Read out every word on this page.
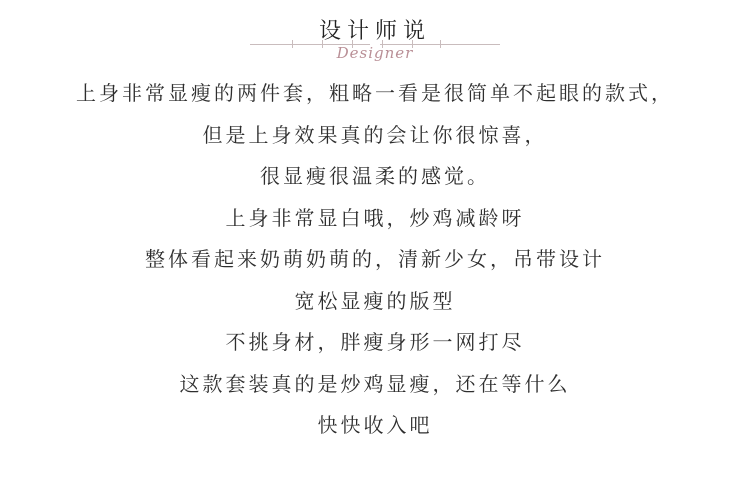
设计师说
Designer
上身非常显瘦的两件套，粗略一看是很简单不起眼的款式，
但是上身效果真的会让你很惊喜，
很显瘦很温柔的感觉。
上身非常显白哦，炒鸡减龄呀
整体看起来奶萌奶萌的，清新少女，吊带设计
宽松显瘦的版型
不挑身材，胖瘦身形一网打尽
这款套装真的是炒鸡显瘦，还在等什么
快快收入吧
